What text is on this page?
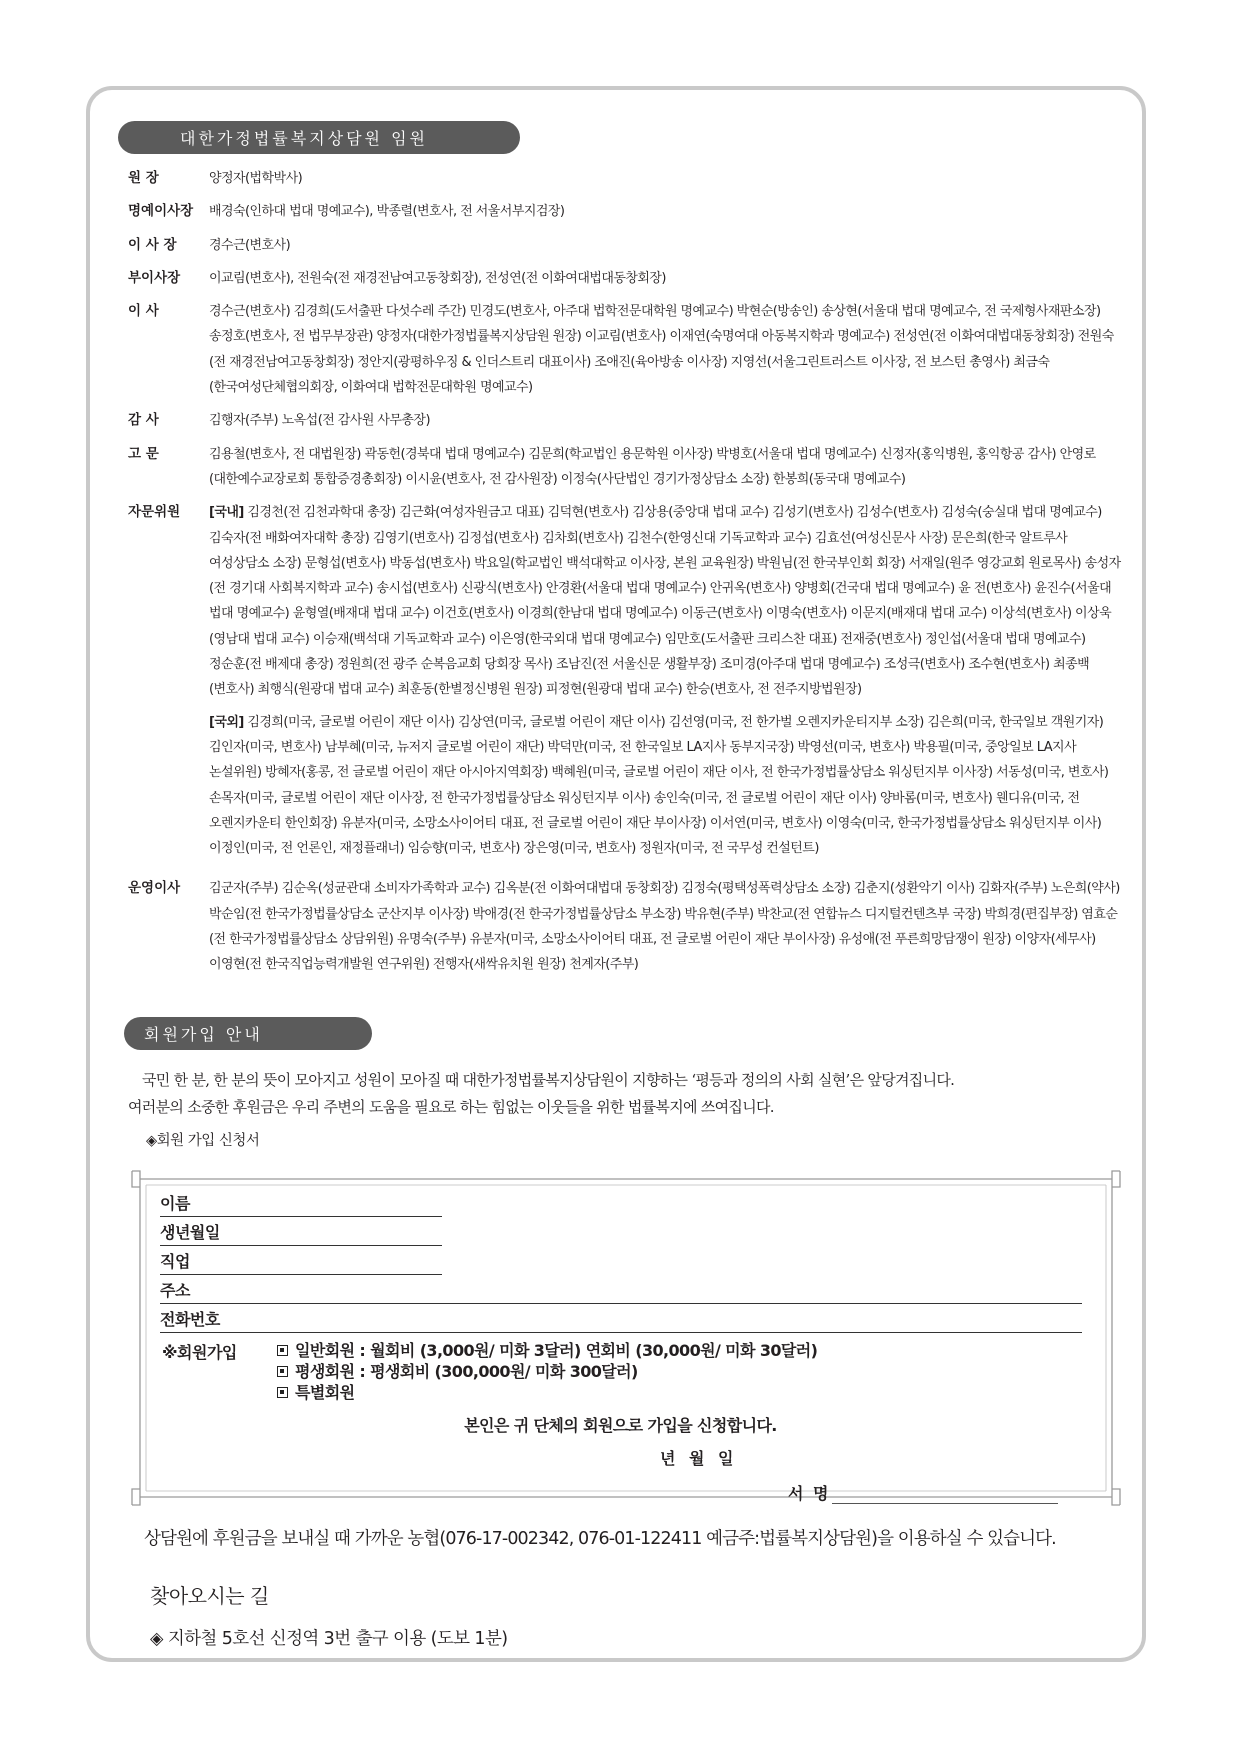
대한가정법률복지상담원 임원
원 장	양정자(법학박사)
명예이사장	배경숙(인하대 법대 명예교수), 박종렬(변호사, 전 서울서부지검장)
이 사 장	경수근(변호사)
부이사장	이교림(변호사), 전원숙(전 재경전남여고동창회장), 전성연(전 이화여대법대동창회장)
이 사	경수근(변호사) 김경희(도서출판 다섯수레 주간) 민경도(변호사, 아주대 법학전문대학원 명예교수) 박현순(방송인) 송상현(서울대 법대 명예교수, 전 국제형사재판소장) 송정호(변호사, 전 법무부장관) 양정자(대한가정법률복지상담원 원장) 이교림(변호사) 이재연(숙명여대 아동복지학과 명예교수) 전성연(전 이화여대법대동창회장) 전원숙(전 재경전남여고동창회장) 정안지(광평하우징 & 인더스트리 대표이사) 조애진(육아방송 이사장) 지영선(서울그린트러스트 이사장, 전 보스턴 총영사) 최금숙(한국여성단체협의회장, 이화여대 법학전문대학원 명예교수)
감 사	김행자(주부) 노옥섭(전 감사원 사무총장)
고 문	김용철(변호사, 전 대법원장) 곽동헌(경북대 법대 명예교수) 김문희(학교법인 용문학원 이사장) 박병호(서울대 법대 명예교수) 신정자(홍익병원, 홍익항공 감사) 안영로(대한예수교장로회 통합증경총회장) 이시윤(변호사, 전 감사원장) 이정숙(사단법인 경기가정상담소 소장) 한봉희(동국대 명예교수)
자문위원	[국내] 김경천(전 김천과학대 총장) 김근화(여성자원금고 대표) 김덕현(변호사) 김상용(중앙대 법대 교수) 김성기(변호사) 김성수(변호사) 김성숙(숭실대 법대 명예교수) 김숙자(전 배화여자대학 총장) 김영기(변호사) 김정섭(변호사) 김차회(변호사) 김천수(한영신대 기독교학과 교수) 김효선(여성신문사 사장) 문은희(한국 알트루사 여성상담소 소장) 문형섭(변호사) 박동섭(변호사) 박요일(학교법인 백석대학교 이사장, 본원 교육원장) 박원님(전 한국부인회 회장) 서재일(원주 영강교회 원로목사) 송성자(전 경기대 사회복지학과 교수) 송시섭(변호사) 신광식(변호사) 안경환(서울대 법대 명예교수) 안귀옥(변호사) 양병회(건국대 법대 명예교수) 윤 전(변호사) 윤진수(서울대 법대 명예교수) 윤형열(배재대 법대 교수) 이건호(변호사) 이경희(한남대 법대 명예교수) 이동근(변호사) 이명숙(변호사) 이문지(배재대 법대 교수) 이상석(변호사) 이상욱(영남대 법대 교수) 이승재(백석대 기독교학과 교수) 이은영(한국외대 법대 명예교수) 임만호(도서출판 크리스찬 대표) 전재중(변호사) 정인섭(서울대 법대 명예교수) 정순훈(전 배제대 총장) 정원희(전 광주 순복음교회 당회장 목사) 조남진(전 서울신문 생활부장) 조미경(아주대 법대 명예교수) 조성극(변호사) 조수현(변호사) 최종백(변호사) 최행식(원광대 법대 교수) 최훈동(한별정신병원 원장) 피정현(원광대 법대 교수) 한승(변호사, 전 전주지방법원장)

[국외] 김경희(미국, 글로벌 어린이 재단 이사) 김상연(미국, 글로벌 어린이 재단 이사) 김선영(미국, 전 한가벌 오렌지카운티지부 소장) 김은희(미국, 한국일보 객원기자) 김인자(미국, 변호사) 남부혜(미국, 뉴저지 글로벌 어린이 재단) 박덕만(미국, 전 한국일보 LA지사 동부지국장) 박영선(미국, 변호사) 박용필(미국, 중앙일보 LA지사 논설위원) 방혜자(홍콩, 전 글로벌 어린이 재단 아시아지역회장) 백혜원(미국, 글로벌 어린이 재단 이사, 전 한국가정법률상담소 워싱턴지부 이사장) 서동성(미국, 변호사) 손목자(미국, 글로벌 어린이 재단 이사장, 전 한국가정법률상담소 워싱턴지부 이사) 송인숙(미국, 전 글로벌 어린이 재단 이사) 양바롬(미국, 변호사) 웬디유(미국, 전 오렌지카운티 한인회장) 유분자(미국, 소망소사이어티 대표, 전 글로벌 어린이 재단 부이사장) 이서연(미국, 변호사) 이영숙(미국, 한국가정법률상담소 워싱턴지부 이사) 이정인(미국, 전 언론인, 재정플래너) 임승향(미국, 변호사) 장은영(미국, 변호사) 정원자(미국, 전 국무성 컨설턴트)

운영이사	김군자(주부) 김순옥(성균관대 소비자가족학과 교수) 김옥분(전 이화여대법대 동창회장) 김정숙(평택성폭력상담소 소장) 김춘지(성환악기 이사) 김화자(주부) 노은희(약사) 박순임(전 한국가정법률상담소 군산지부 이사장) 박애경(전 한국가정법률상담소 부소장) 박유현(주부) 박찬교(전 연합뉴스 디지털컨텐츠부 국장) 박희경(편집부장) 염효순(전 한국가정법률상담소 상담위원) 유명숙(주부) 유분자(미국, 소망소사이어티 대표, 전 글로벌 어린이 재단 부이사장) 유성애(전 푸른희망담쟁이 원장) 이양자(세무사) 이영현(전 한국직업능력개발원 연구위원) 전행자(새싹유치원 원장) 천계자(주부)
회원가입 안내

국민 한 분, 한 분의 뜻이 모아지고 성원이 모아질 때 대한가정법률복지상담원이 지향하는 ‘평등과 정의의 사회 실현’은 앞당겨집니다.

여러분의 소중한 후원금은 우리 주변의 도움을 필요로 하는 힘없는 이웃들을 위한 법률복지에 쓰여집니다.

◈회원 가입 신청서
이름
생년월일
직업
주소
전화번호
※회원가입	일반회원 : 월회비 (3,000원/ 미화 3달러) 연회비 (30,000원/ 미화 30달러)
평생회원 : 평생회비 (300,000원/ 미화 300달러)
특별회원
본인은 귀 단체의 회원으로 가입을 신청합니다.
년 월 일
서 명
상담원에 후원금을 보내실 때 가까운 농협(076-17-002342, 076-01-122411 예금주:법률복지상담원)을 이용하실 수 있습니다.
찾아오시는 길
◈ 지하철 5호선 신정역 3번 출구 이용 (도보 1분)
